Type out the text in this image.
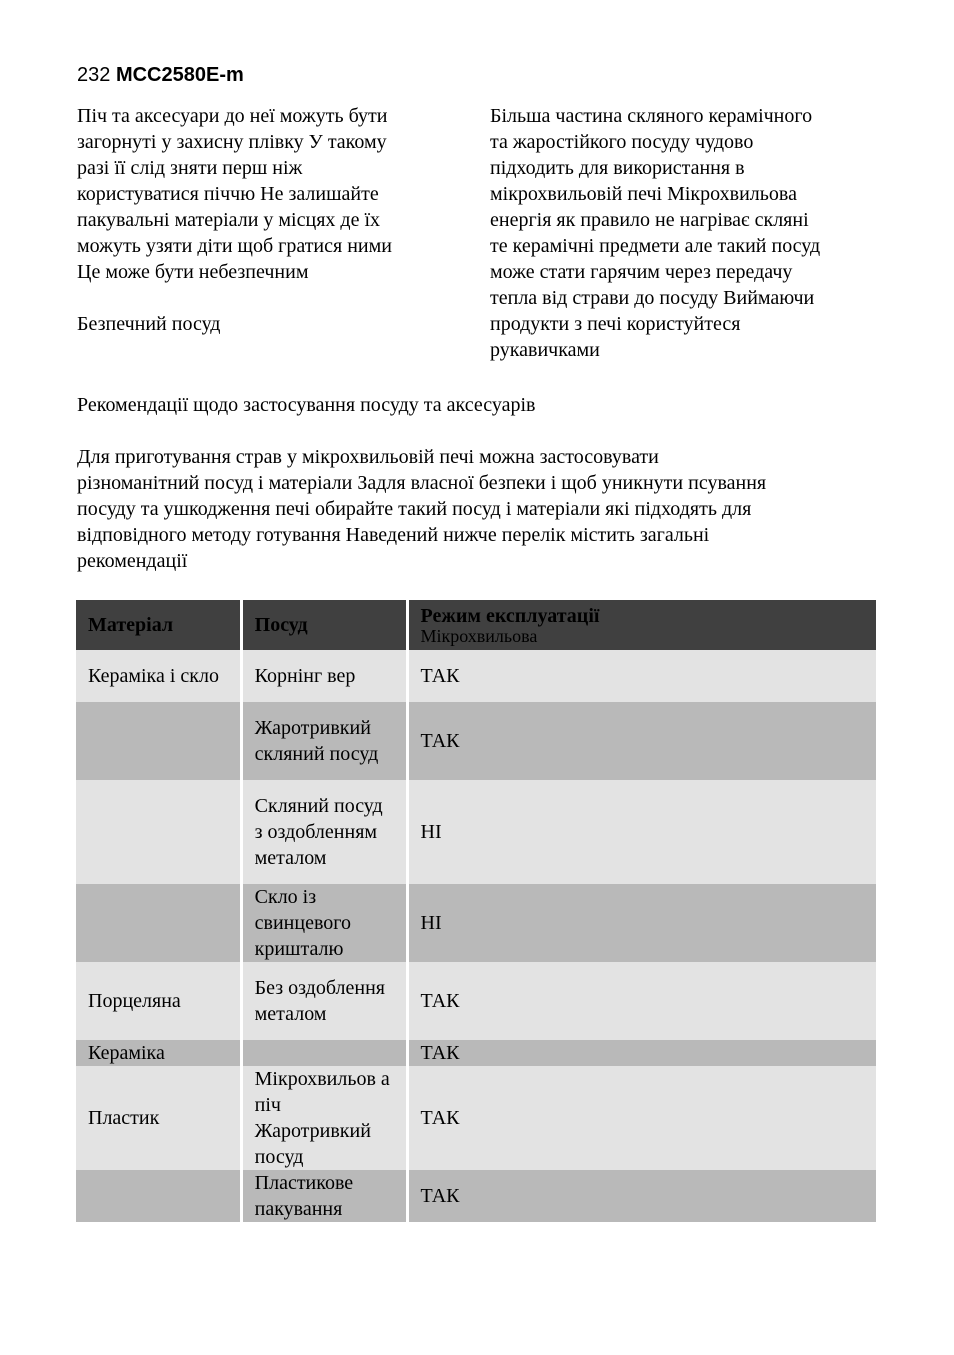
232 MCC2580E-m

Піч та аксесуари до неї можуть бути
загорнуті у захисну плівку У такому
разі її слід зняти перш ніж
користуватися піччю Не залишайте
пакувальні матеріали у місцях де їх
можуть узяти діти щоб гратися ними
Це може бути небезпечним

Безпечний посуд

Більша частина скляного керамічного
та жаростійкого посуду чудово
підходить для використання в
мікрохвильовій печі Мікрохвильова
енергія як правило не нагріває скляні
те керамічні предмети але такий посуд
може стати гарячим через передачу
тепла від страви до посуду Виймаючи
продукти з печі користуйтеся
рукавичками

Рекомендації щодо застосування посуду та аксесуарів

Для приготування страв у мікрохвильовій печі можна застосовувати
різноманітний посуд і матеріали Задля власної безпеки і щоб уникнути псування
посуду та ушкодження печі обирайте такий посуд і матеріали які підходять для
відповідного методу готування Наведений нижче перелік містить загальні
рекомендації

Матеріал	Посуд	Режим експлуатації
Мікрохвильова

Кераміка і скло	Корнінг вер	ТАК
	Жаротривкий скляний посуд	ТАК
	Скляний посуд з оздобленням металом	НІ
	Скло із свинцевого кришталю	НІ
Порцеляна	Без оздоблення металом	ТАК
Кераміка		ТАК
Пластик	Мікрохвильов а піч Жаротривкий посуд	ТАК
	Пластикове пакування	ТАК
